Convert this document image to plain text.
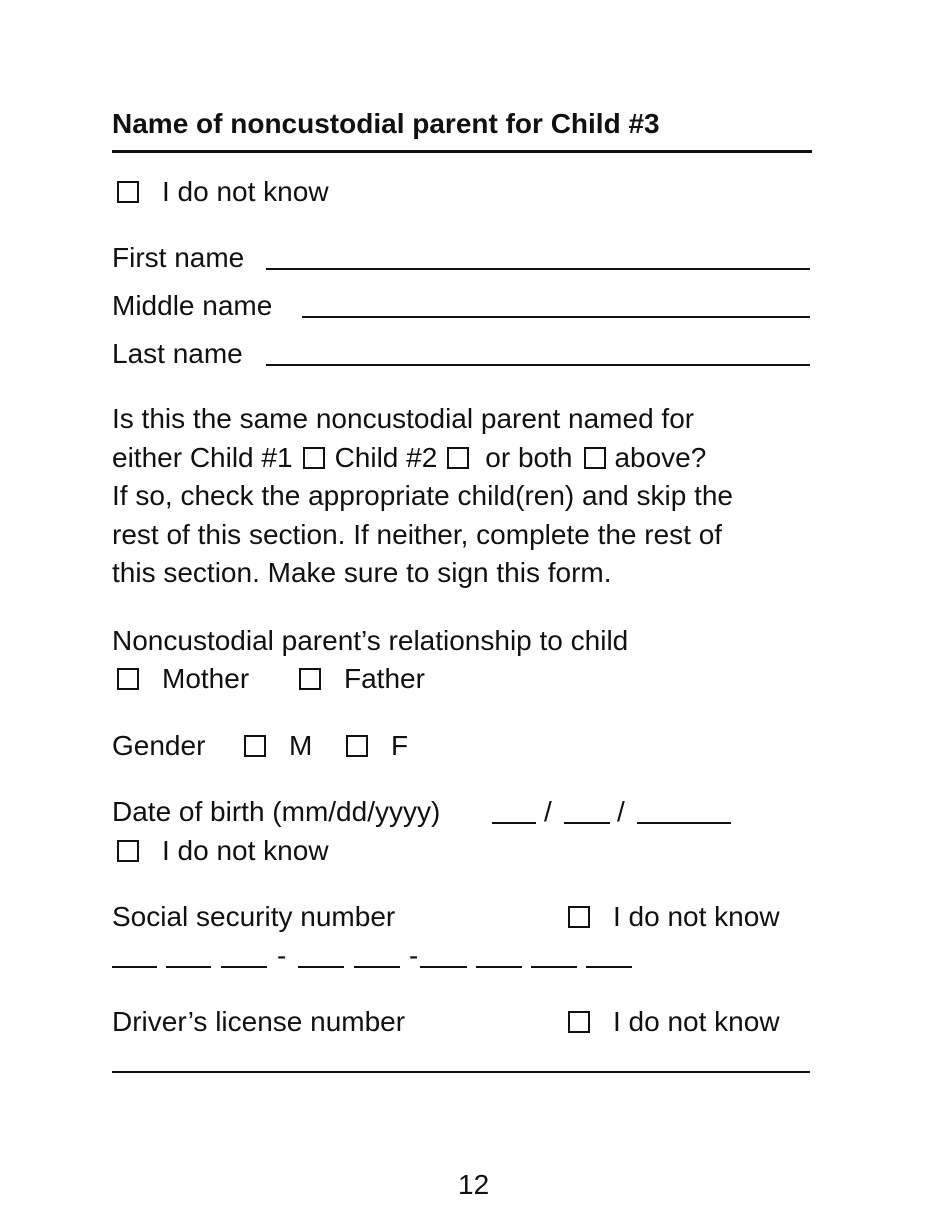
Name of noncustodial parent for Child #3
I do not know
First name
Middle name
Last name
Is this the same noncustodial parent named for
either Child #1 Child #2 or both above?
If so, check the appropriate child(ren) and skip the
rest of this section. If neither, complete the rest of
this section. Make sure to sign this form.
Noncustodial parent’s relationship to child
Mother	Father
Gender	M	F
Date of birth (mm/dd/yyyy)	/ /
I do not know
Social security number	I do not know
-	-
Driver’s license number	I do not know
12
